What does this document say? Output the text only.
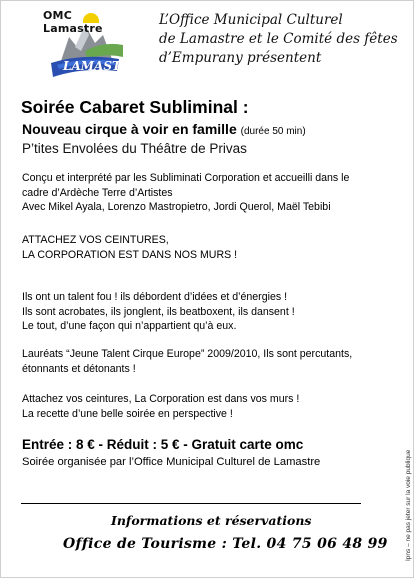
OMC Lamastre
LAMASTRE
L’Office Municipal Culturel
de Lamastre et le Comité des fêtes
d’Empurany présentent
Soirée Cabaret Subliminal :
Nouveau cirque à voir en famille (durée 50 min)
P’tites Envolées du Théâtre de Privas
Conçu et interprété par les Subliminati Corporation et accueilli dans le
cadre d’Ardèche Terre d’Artistes
Avec Mikel Ayala, Lorenzo Mastropietro, Jordi Querol, Maël Tebibi
ATTACHEZ VOS CEINTURES,
LA CORPORATION EST DANS NOS MURS !
Ils ont un talent fou ! ils débordent d’idées et d’énergies !
Ils sont acrobates, ils jonglent, ils beatboxent, ils dansent !
Le tout, d’une façon qui n’appartient qu’à eux.
Lauréats “Jeune Talent Cirque Europe” 2009/2010, Ils sont percutants,
étonnants et détonants !
Attachez vos ceintures, La Corporation est dans vos murs !
La recette d’une belle soirée en perspective !
Entrée : 8 € - Réduit : 5 € - Gratuit carte omc
Soirée organisée par l’Office Municipal Culturel de Lamastre
Informations et réservations
Office de Tourisme : Tel. 04 75 06 48 99	Ipns – ne pas jeter sur la voie publique
